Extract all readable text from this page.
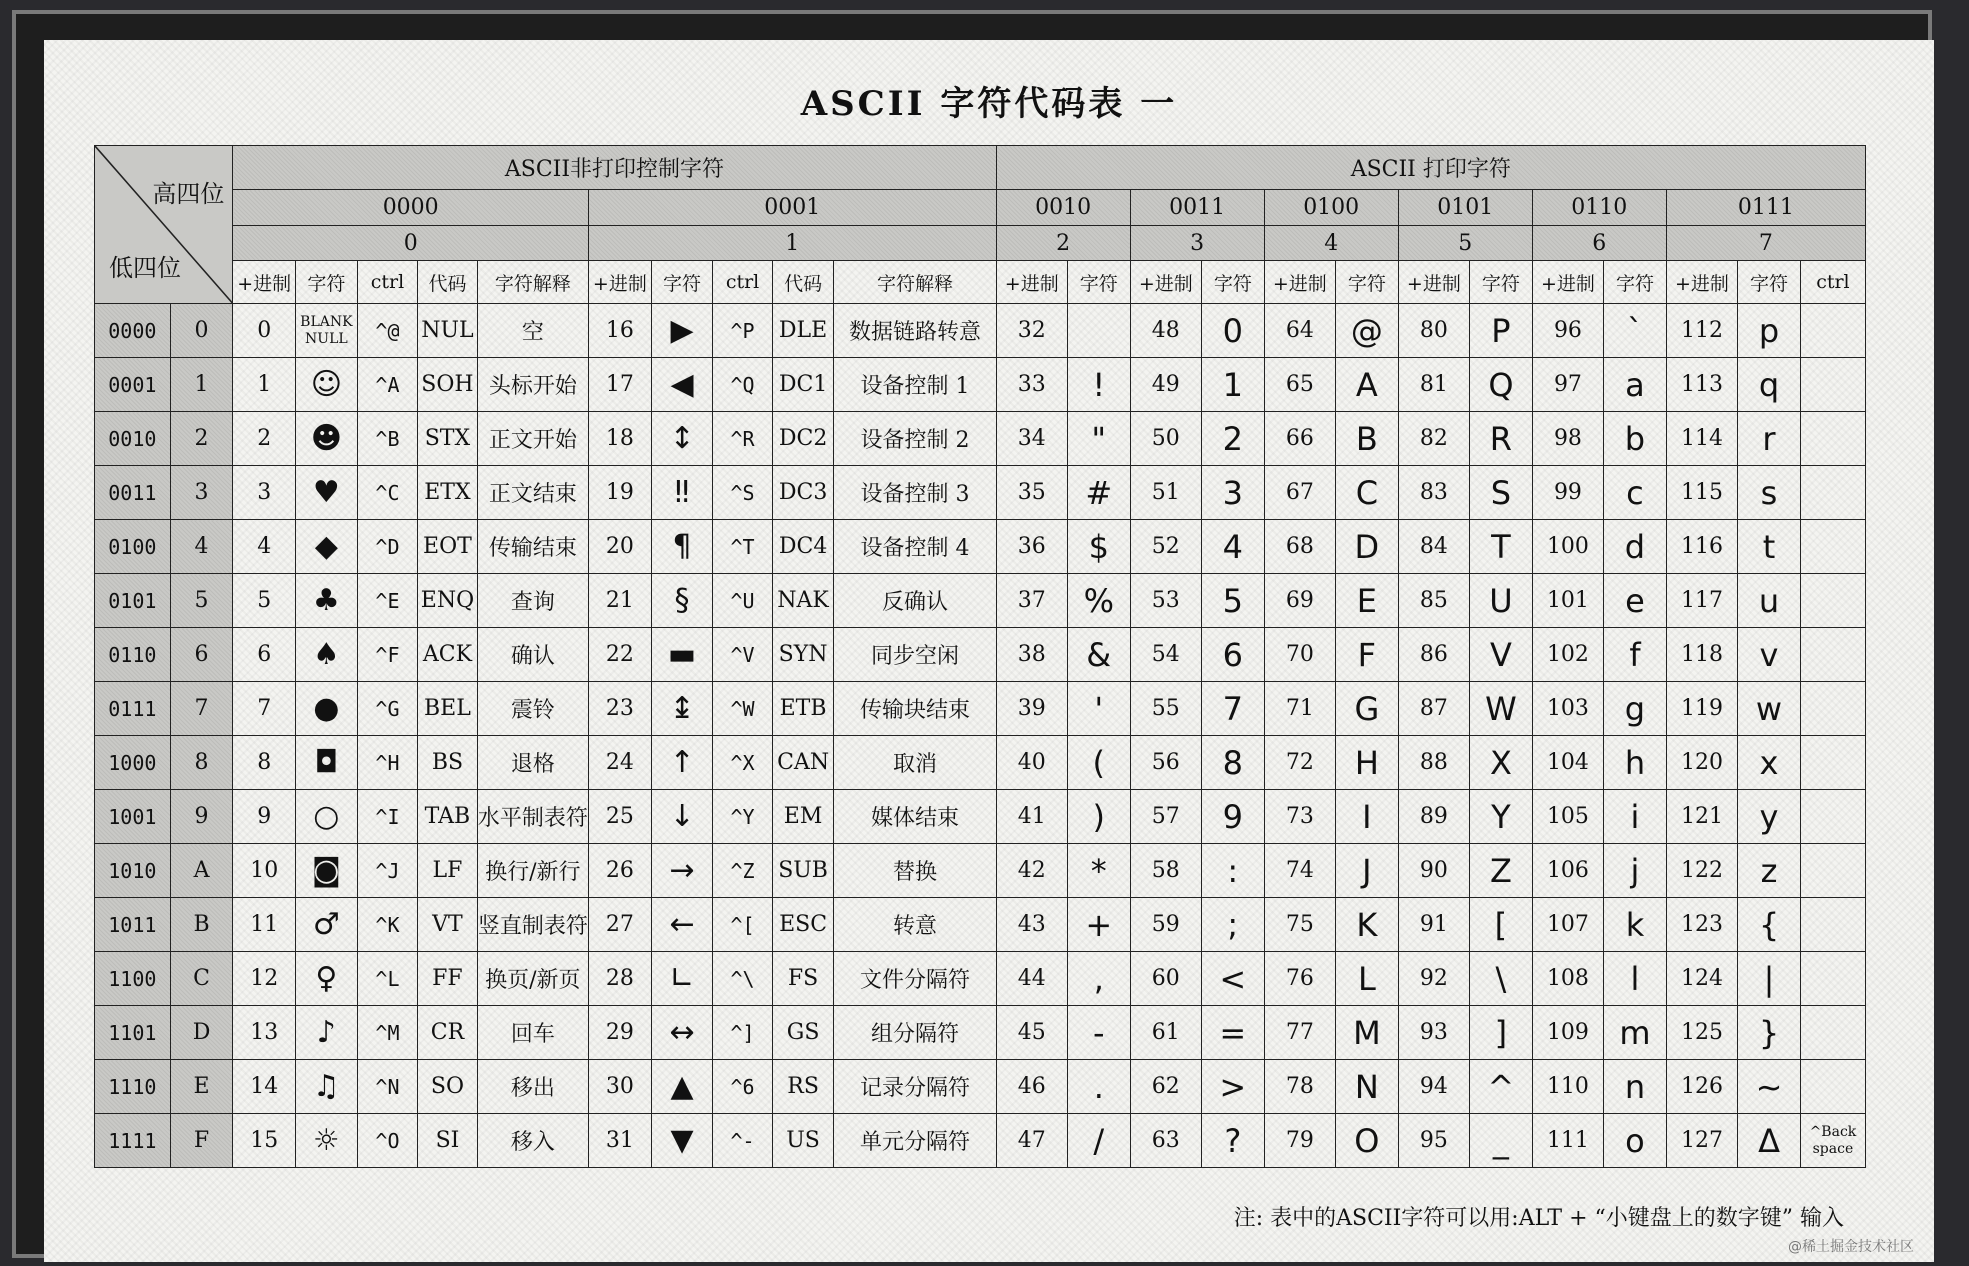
ASCII 字符代码表 一
高四位
低四位		ASCII非打印控制字符										ASCII 打印字符												
		0000					0001					0010		0011		0100		0101		0110		0111		
		0					1					2		3		4		5		6		7		
		+进制	字符	ctrl	代码	字符解释	+进制	字符	ctrl	代码	字符解释	+进制	字符	+进制	字符	+进制	字符	+进制	字符	+进制	字符	+进制	字符	ctrl
0000	0	0	BLANK NULL	^@	NUL	空	16	▶	^P	DLE	数据链路转意	32		48	0	64	@	80	P	96	`	112	p	
0001	1	1	☺	^A	SOH	头标开始	17	◀	^Q	DC1	设备控制 1	33	!	49	1	65	A	81	Q	97	a	113	q	
0010	2	2	☻	^B	STX	正文开始	18	↕	^R	DC2	设备控制 2	34	"	50	2	66	B	82	R	98	b	114	r	
0011	3	3	♥	^C	ETX	正文结束	19	‼	^S	DC3	设备控制 3	35	#	51	3	67	C	83	S	99	c	115	s	
0100	4	4	◆	^D	EOT	传输结束	20	¶	^T	DC4	设备控制 4	36	$	52	4	68	D	84	T	100	d	116	t	
0101	5	5	♣	^E	ENQ	查询	21	§	^U	NAK	反确认	37	%	53	5	69	E	85	U	101	e	117	u	
0110	6	6	♠	^F	ACK	确认	22	▬	^V	SYN	同步空闲	38	&	54	6	70	F	86	V	102	f	118	v	
0111	7	7	●	^G	BEL	震铃	23	↨	^W	ETB	传输块结束	39	'	55	7	71	G	87	W	103	g	119	w	
1000	8	8	◘	^H	BS	退格	24	↑	^X	CAN	取消	40	(	56	8	72	H	88	X	104	h	120	x	
1001	9	9	○	^I	TAB	水平制表符	25	↓	^Y	EM	媒体结束	41	)	57	9	73	I	89	Y	105	i	121	y	
1010	A	10	◙	^J	LF	换行/新行	26	→	^Z	SUB	替换	42	*	58	:	74	J	90	Z	106	j	122	z	
1011	B	11	♂	^K	VT	竖直制表符	27	←	^[	ESC	转意	43	+	59	;	75	K	91	[	107	k	123	{	
1100	C	12	♀	^L	FF	换页/新页	28	∟	^\	FS	文件分隔符	44	,	60	<	76	L	92	\	108	l	124	|	
1101	D	13	♪	^M	CR	回车	29	↔	^]	GS	组分隔符	45	-	61	=	77	M	93	]	109	m	125	}	
1110	E	14	♫	^N	SO	移出	30	▲	^6	RS	记录分隔符	46	.	62	>	78	N	94	^	110	n	126	~	
1111	F	15	☼	^O	SI	移入	31	▼	^-	US	单元分隔符	47	/	63	?	79	O	95	_	111	o	127	Δ	^Back space
注: 表中的ASCII字符可以用:ALT + “小键盘上的数字键” 输入
@稀土掘金技术社区
